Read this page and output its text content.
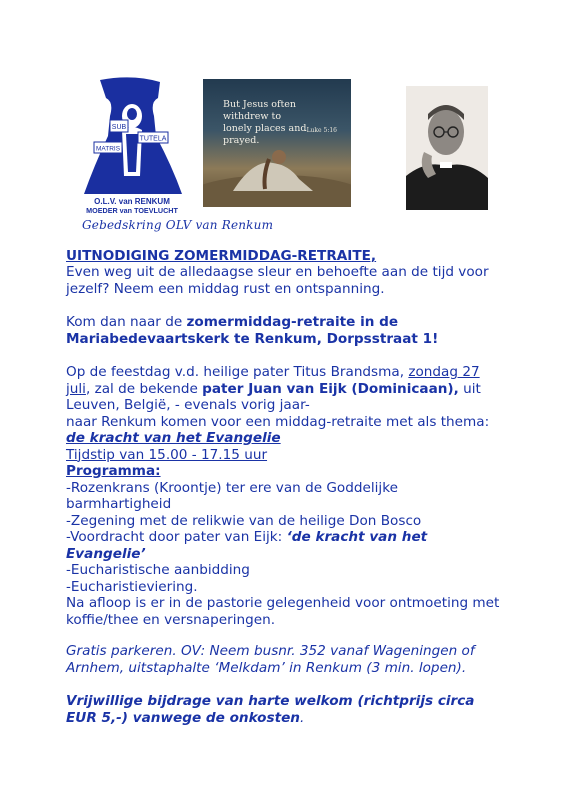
SUB
TUTELA
MATRIS
O.L.V. van RENKUM
MOEDER van TOEVLUCHT
But Jesus often withdrew to
lonely places and prayed.
-Luke 5:16
Gebedskring OLV van Renkum
UITNODIGING ZOMERMIDDAG-RETRAITE,
Even weg uit de alledaagse sleur en behoefte aan de tijd voor
jezelf? Neem een middag rust en ontspanning.
Kom dan naar de zomermiddag-retraite in de
Mariabedevaartskerk te Renkum, Dorpsstraat 1!
Op de feestdag v.d. heilige pater Titus Brandsma, zondag 27
juli, zal de bekende pater Juan van Eijk (Dominicaan), uit
Leuven, België, - evenals vorig jaar-
naar Renkum komen voor een middag-retraite met als thema:
de kracht van het Evangelie
Tijdstip van 15.00 - 17.15 uur
Programma:
-Rozenkrans (Kroontje) ter ere van de Goddelijke
barmhartigheid
-Zegening met de relikwie van de heilige Don Bosco
-Voordracht door pater van Eijk: ‘de kracht van het
Evangelie’
-Eucharistische aanbidding
-Eucharistieviering.
Na afloop is er in de pastorie gelegenheid voor ontmoeting met
koffie/thee en versnaperingen.
Gratis parkeren. OV: Neem busnr. 352 vanaf Wageningen of
Arnhem, uitstaphalte ‘Melkdam’ in Renkum (3 min. lopen).
Vrijwillige bijdrage van harte welkom (richtprijs circa
EUR 5,-) vanwege de onkosten.
